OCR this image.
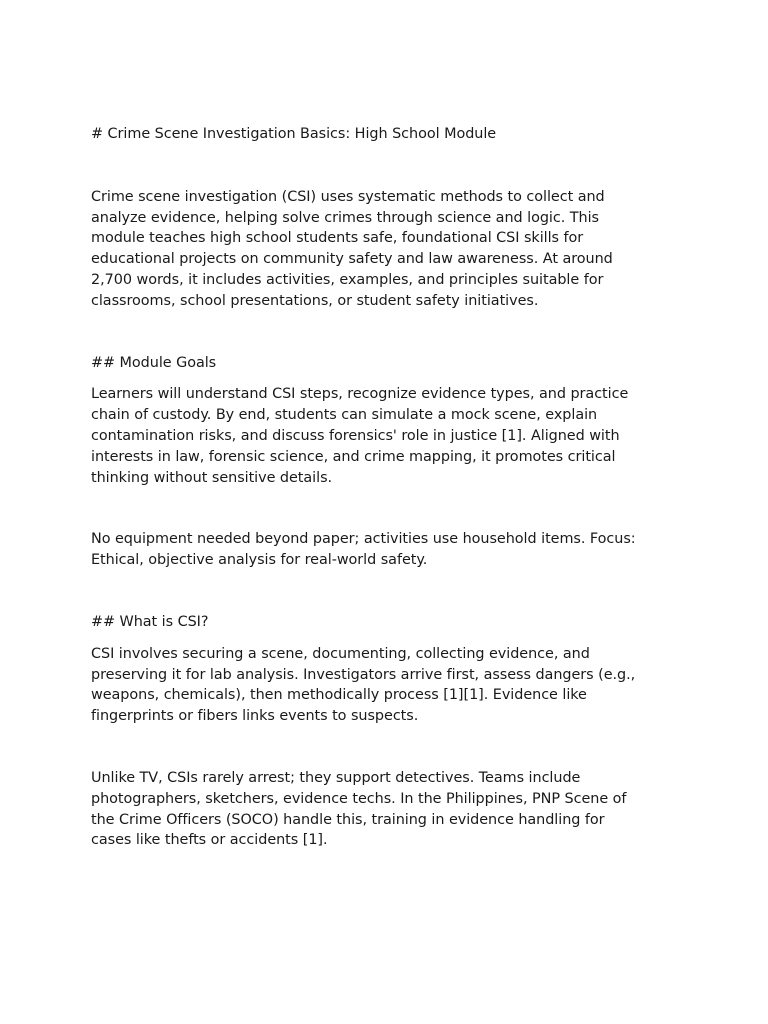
# Crime Scene Investigation Basics: High School Module
Crime scene investigation (CSI) uses systematic methods to collect and
analyze evidence, helping solve crimes through science and logic. This
module teaches high school students safe, foundational CSI skills for
educational projects on community safety and law awareness. At around
2,700 words, it includes activities, examples, and principles suitable for
classrooms, school presentations, or student safety initiatives.
## Module Goals
Learners will understand CSI steps, recognize evidence types, and practice
chain of custody. By end, students can simulate a mock scene, explain
contamination risks, and discuss forensics' role in justice [1]. Aligned with
interests in law, forensic science, and crime mapping, it promotes critical
thinking without sensitive details.
No equipment needed beyond paper; activities use household items. Focus:
Ethical, objective analysis for real-world safety.
## What is CSI?
CSI involves securing a scene, documenting, collecting evidence, and
preserving it for lab analysis. Investigators arrive first, assess dangers (e.g.,
weapons, chemicals), then methodically process [1][1]. Evidence like
fingerprints or fibers links events to suspects.
Unlike TV, CSIs rarely arrest; they support detectives. Teams include
photographers, sketchers, evidence techs. In the Philippines, PNP Scene of
the Crime Officers (SOCO) handle this, training in evidence handling for
cases like thefts or accidents [1].
